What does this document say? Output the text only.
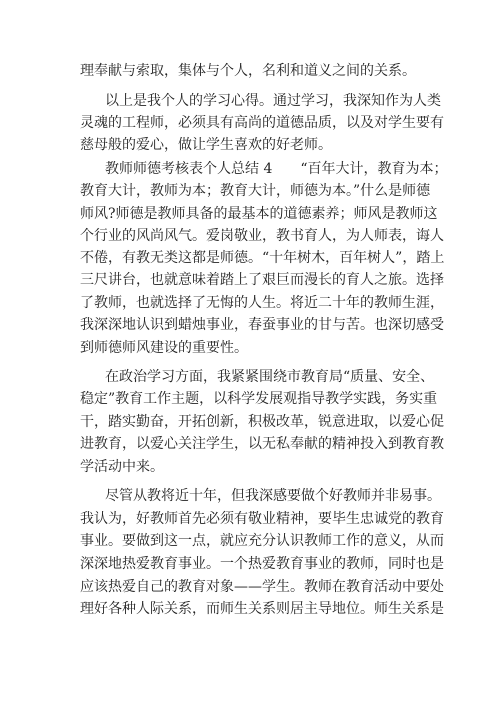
理奉献与索取，集体与个人，名利和道义之间的关系。
以上是我个人的学习心得。通过学习，我深知作为人类
灵魂的工程师，必须具有高尚的道德品质，以及对学生要有
慈母般的爱心，做让学生喜欢的好老师。
教师师德考核表个人总结 4　　“百年大计，教育为本；
教育大计，教师为本；教育大计，师德为本。”什么是师德
师风?师德是教师具备的最基本的道德素养；师风是教师这
个行业的风尚风气。爱岗敬业，教书育人，为人师表，诲人
不倦，有教无类这都是师德。“十年树木，百年树人”，踏上
三尺讲台，也就意味着踏上了艰巨而漫长的育人之旅。选择
了教师，也就选择了无悔的人生。将近二十年的教师生涯，
我深深地认识到蜡烛事业，春蚕事业的甘与苦。也深切感受
到师德师风建设的重要性。
在政治学习方面，我紧紧围绕市教育局“质量、安全、
稳定”教育工作主题，以科学发展观指导教学实践，务实重
干，踏实勤奋，开拓创新，积极改革，锐意进取，以爱心促
进教育，以爱心关注学生，以无私奉献的精神投入到教育教
学活动中来。
尽管从教将近十年，但我深感要做个好教师并非易事。
我认为，好教师首先必须有敬业精神，要毕生忠诚党的教育
事业。要做到这一点，就应充分认识教师工作的意义，从而
深深地热爱教育事业。一个热爱教育事业的教师，同时也是
应该热爱自己的教育对象——学生。教师在教育活动中要处
理好各种人际关系，而师生关系则居主导地位。师生关系是
